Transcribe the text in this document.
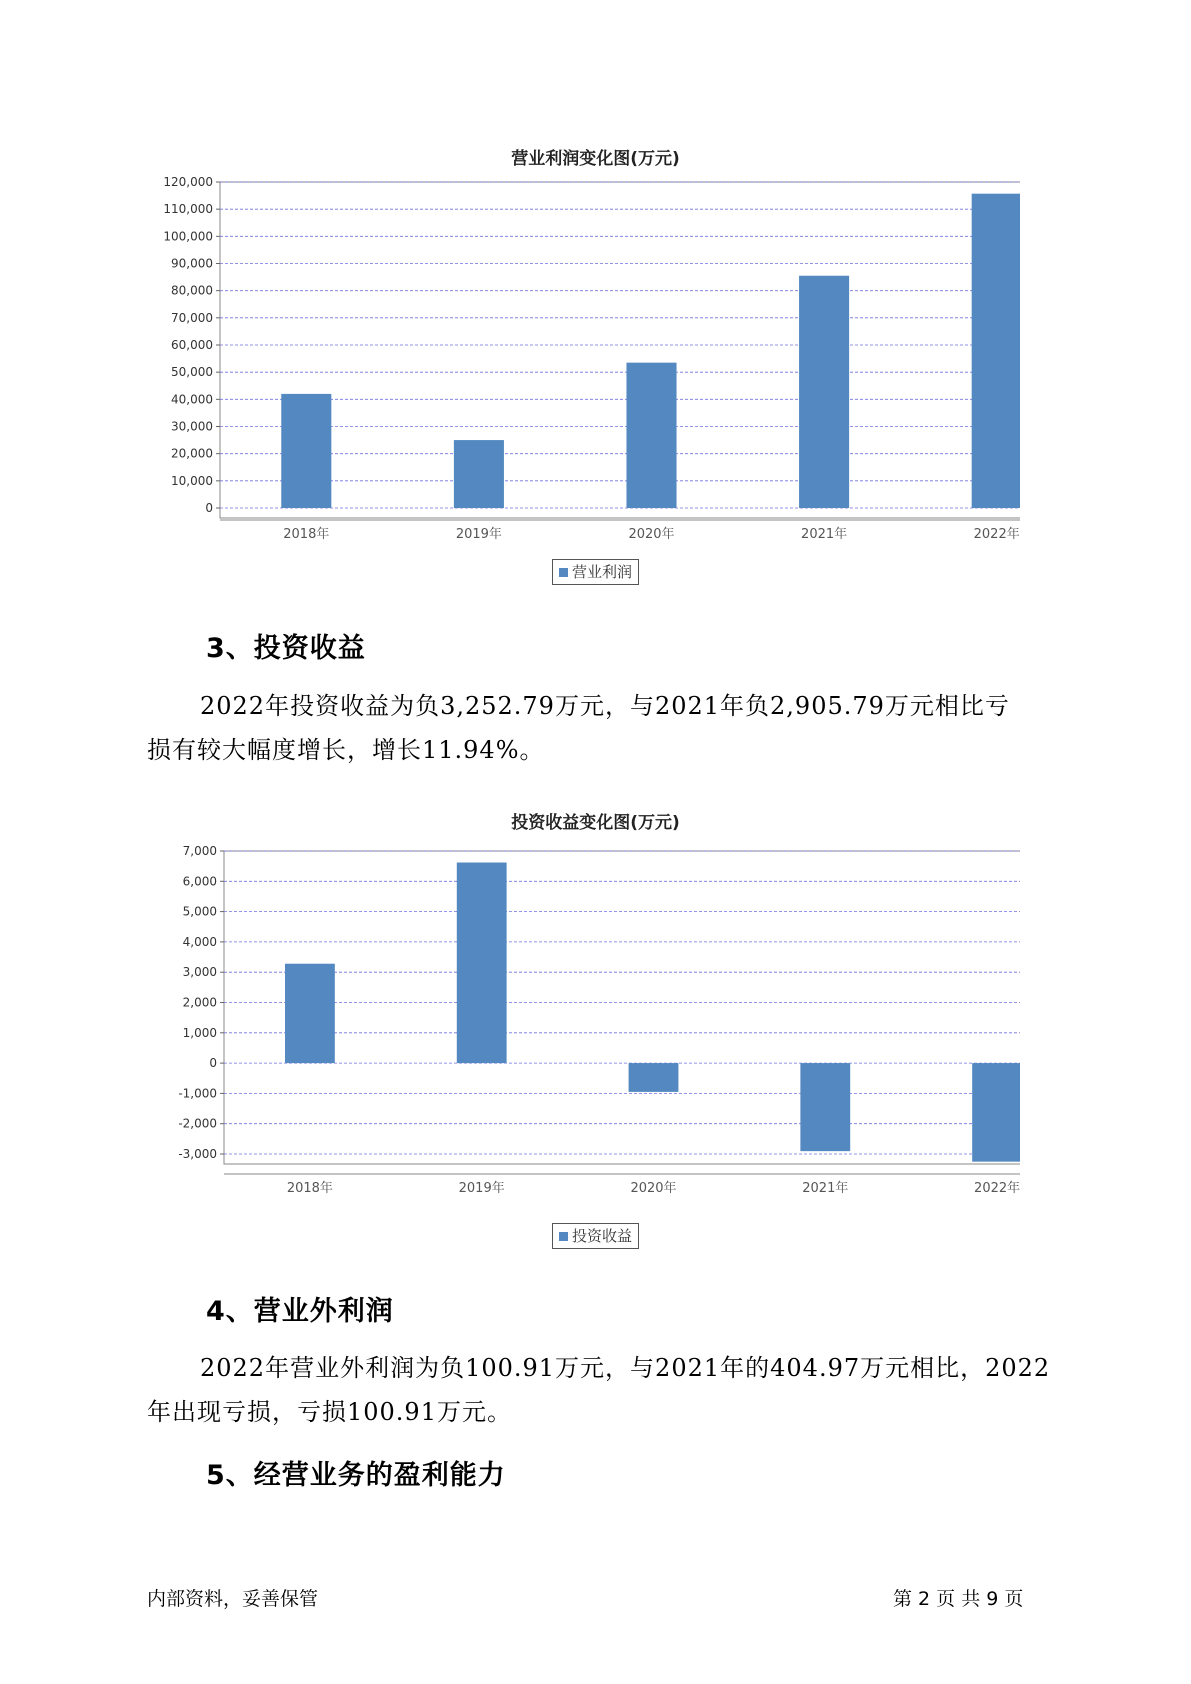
营业利润变化图(万元)
0
10,000
20,000
30,000
40,000
50,000
60,000
70,000
80,000
90,000
100,000
110,000
120,000
2018年	2019年	2020年	2021年	2022年
营业利润
3、投资收益
2022年投资收益为负3,252.79万元，与2021年负2,905.79万元相比亏
损有较大幅度增长，增长11.94%。
投资收益变化图(万元)
-3,000
-2,000
-1,000
0
1,000
2,000
3,000
4,000
5,000
6,000
7,000
2018年	2019年	2020年	2021年	2022年
投资收益
4、营业外利润
2022年营业外利润为负100.91万元，与2021年的404.97万元相比，2022
年出现亏损，亏损100.91万元。
5、经营业务的盈利能力
内部资料，妥善保管	第 2 页 共 9 页
